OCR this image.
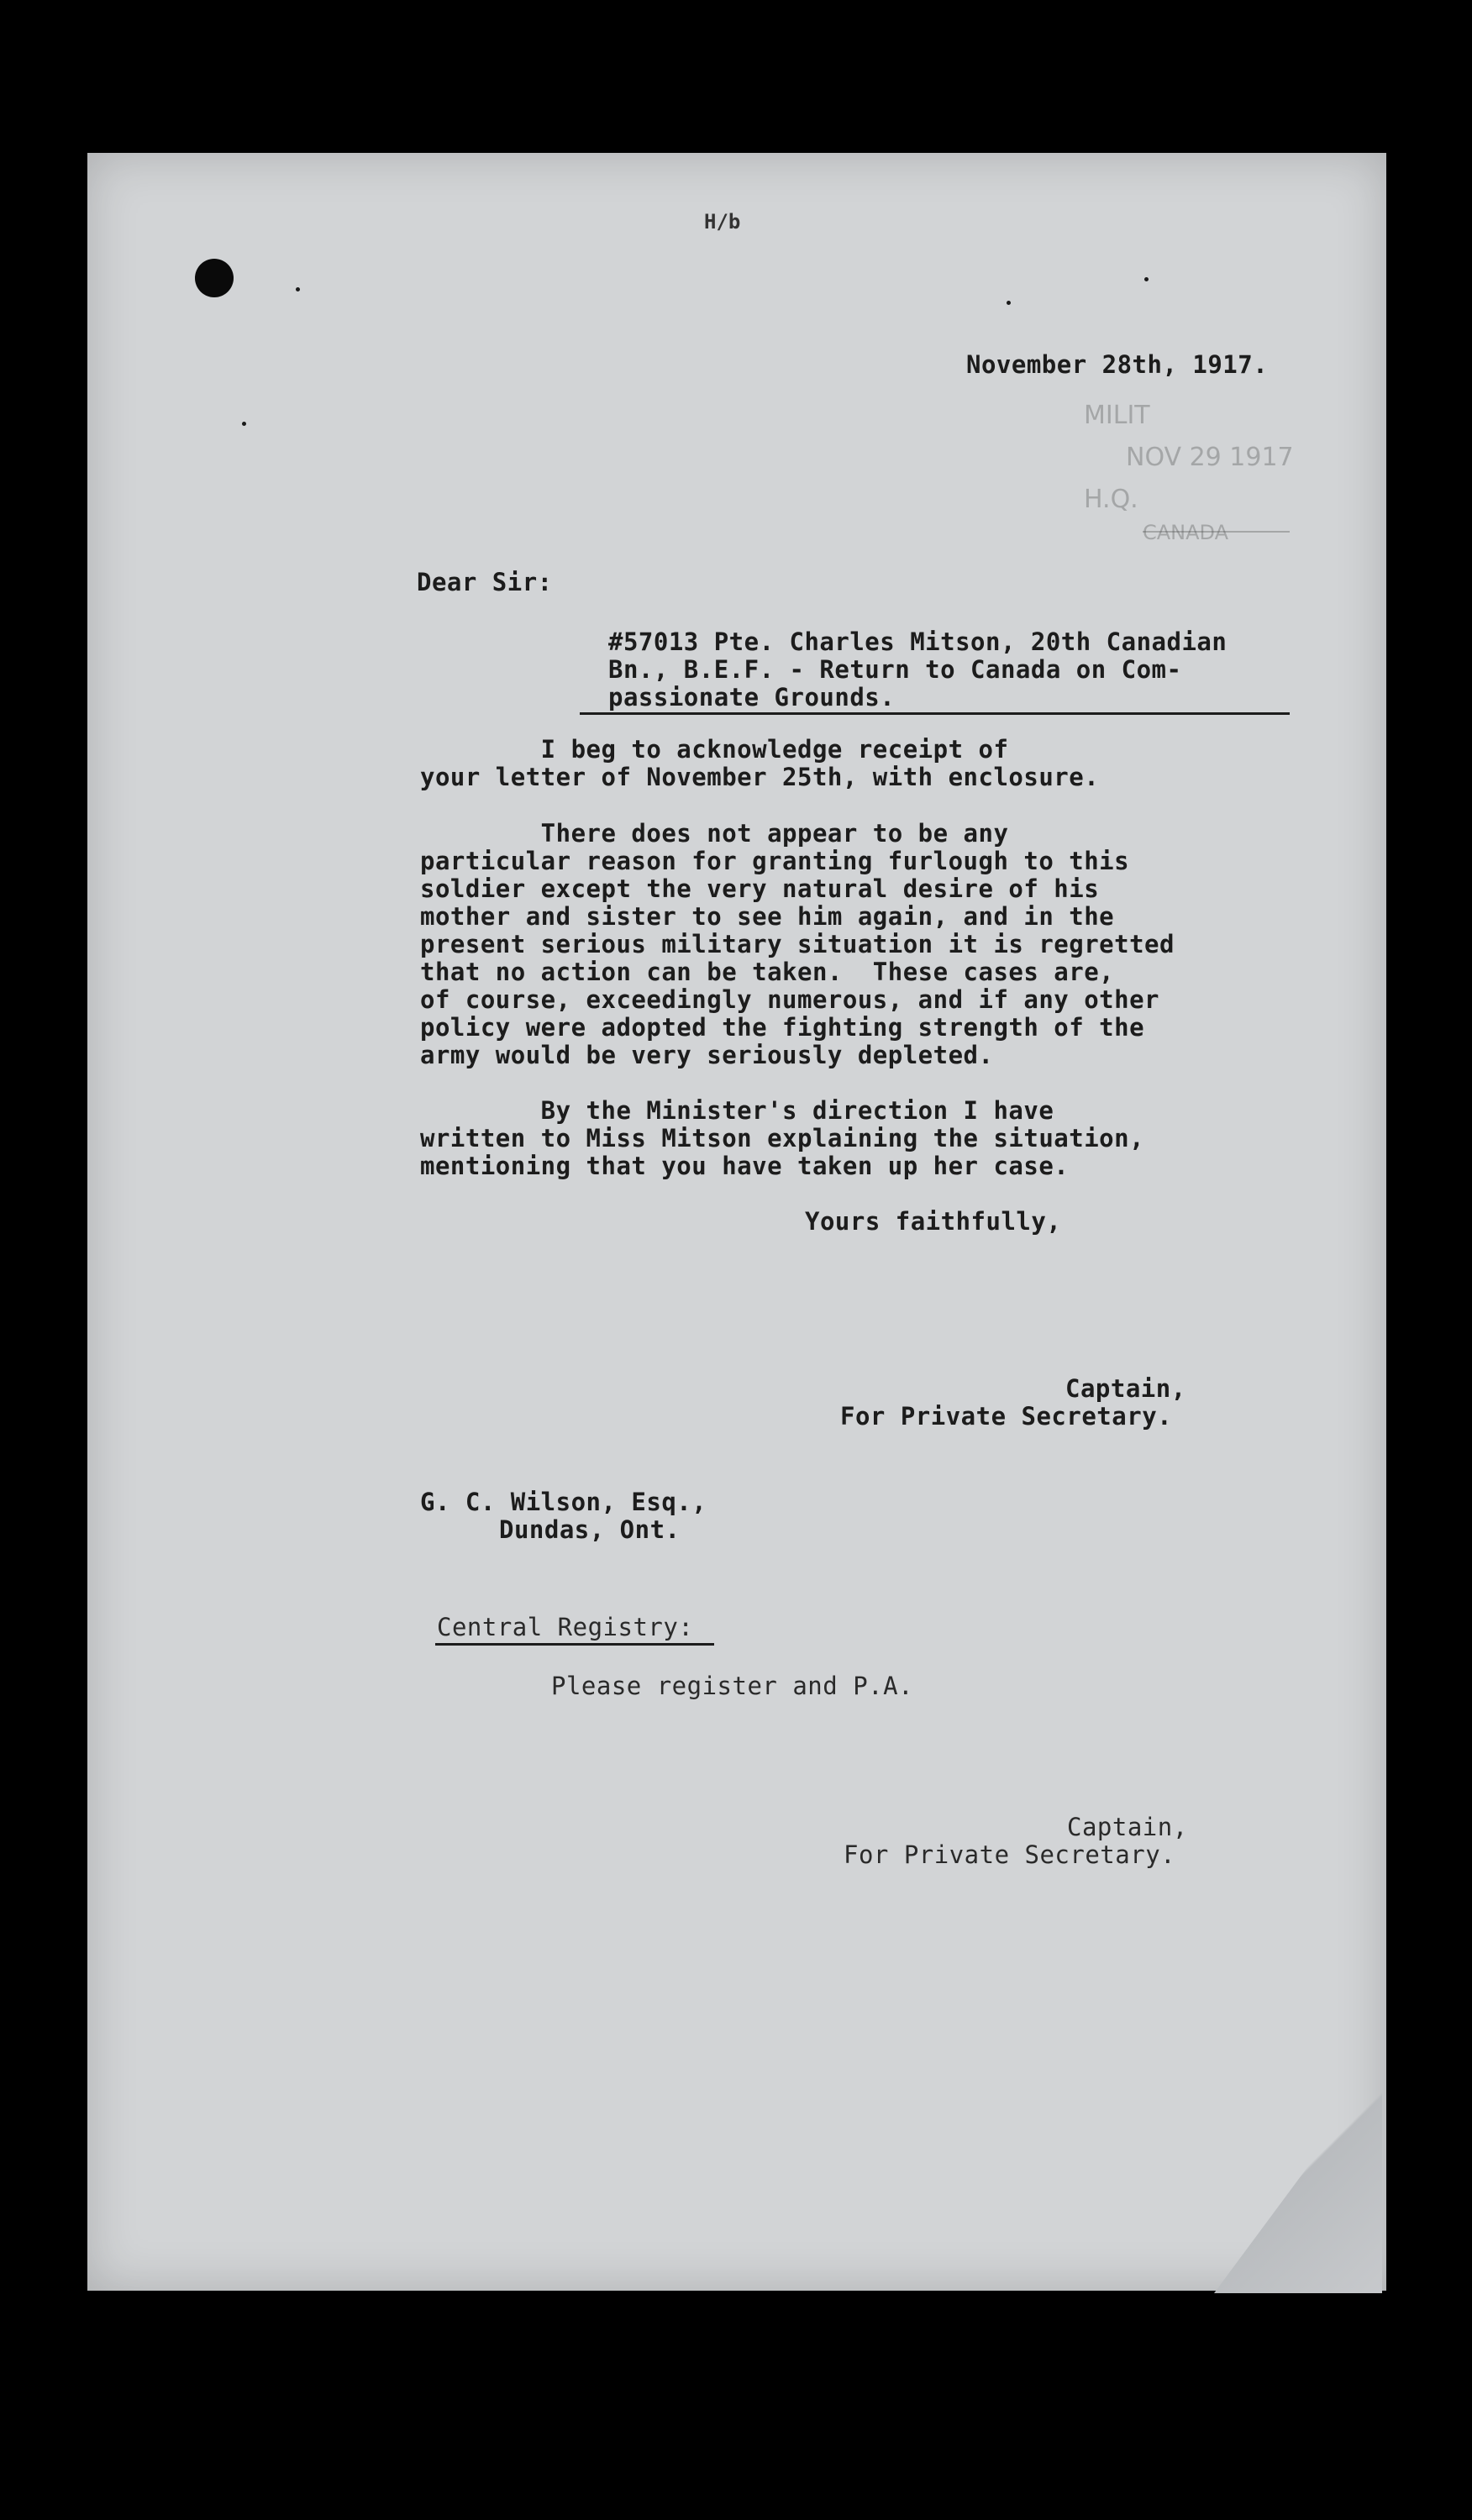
H/b
November 28th, 1917.
MILIT
NOV 29 1917
H.Q.
CANADA
Dear Sir:
#57013 Pte. Charles Mitson, 20th Canadian
Bn., B.E.F. - Return to Canada on Com-
passionate Grounds.
I beg to acknowledge receipt of
your letter of November 25th, with enclosure.
There does not appear to be any
particular reason for granting furlough to this
soldier except the very natural desire of his
mother and sister to see him again, and in the
present serious military situation it is regretted
that no action can be taken.  These cases are,
of course, exceedingly numerous, and if any other
policy were adopted the fighting strength of the
army would be very seriously depleted.
By the Minister's direction I have
written to Miss Mitson explaining the situation,
mentioning that you have taken up her case.
Yours faithfully,
Captain,
For Private Secretary.
G. C. Wilson, Esq.,
Dundas, Ont.
Central Registry:
Please register and P.A.
Captain,
For Private Secretary.
